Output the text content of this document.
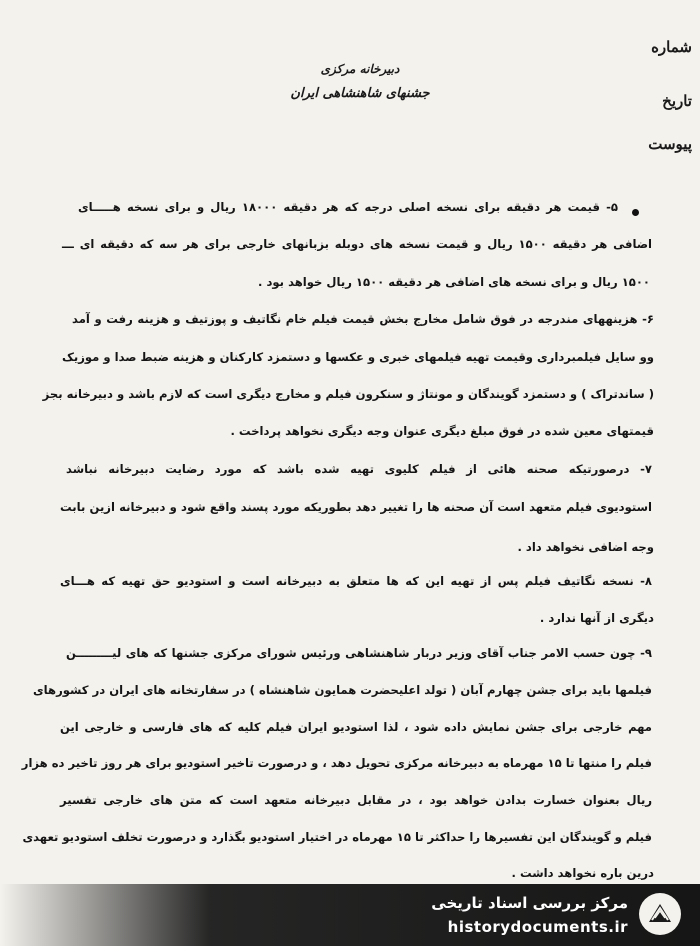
شماره
تاریخ
پیوست
دبیرخانه مرکزی
جشنهای شاهنشاهی ایران
۵- قیمت هر دقیقه برای نسخه اصلی درجه که هر دقیقه ۱۸۰۰۰ ریال و برای نسخه هـــــای
اضافی هر دقیقه ۱۵۰۰ ریال و قیمت نسخه های دوبله بزبانهای خارجی برای هر سه که دقیقه ای ـــ
۱۵۰۰ ریال و برای نسخه های اضافی هر دقیقه ۱۵۰۰ ریال خواهد بود .
۶- هزینههای مندرجه در فوق شامل مخارج بخش قیمت فیلم خام نگاتیف و پوزتیف و هزینه رفت و آمد
وو سایل فیلمبرداری وقیمت تهیه فیلمهای خبری و عکسها و دستمزد کارکنان و هزینه ضبط صدا و موزیک
( ساندتراک ) و دستمزد گویندگان و مونتاژ و سنکرون فیلم و مخارج دیگری است که لازم باشد و دبیرخانه بجز
قیمتهای معین شده در فوق مبلغ دیگری عنوان وجه دیگری نخواهد پرداخت .
۷- درصورتیکه صحنه هائی از فیلم کلیوی تهیه شده باشد که مورد رضایت دبیرخانه نباشد
استودیوی فیلم متعهد است آن صحنه ها را تغییر دهد بطوریکه مورد پسند واقع شود و دبیرخانه ازین بابت
وجه اضافی نخواهد داد .
۸- نسخه نگاتیف فیلم پس از تهیه این که ها متعلق به دبیرخانه است و استودیو حق تهیه که هـــای
دیگری از آنها ندارد .
۹- چون حسب الامر جناب آقای وزیر دربار شاهنشاهی ورئیس شورای مرکزی جشنها که های لیـــــــــن
فیلمها باید برای جشن چهارم آبان ( تولد اعلیحضرت همایون شاهنشاه ) در سفارتخانه های ایران در کشورهای
مهم خارجی برای جشن نمایش داده شود ، لذا استودیو ایران فیلم کلیه که های فارسی و خارجی این
فیلم را منتها تا ۱۵ مهرماه به دبیرخانه مرکزی تحویل دهد ، و درصورت تاخیر استودیو برای هر روز تاخیر ده هزار
ریال بعنوان خسارت بدادن خواهد بود ، در مقابل دبیرخانه متعهد است که متن های خارجی تفسیر
فیلم و گویندگان این تفسیرها را حداکثر تا ۱۵ مهرماه در اختیار استودیو بگذارد و درصورت تخلف استودیو تعهدی
درین باره نخواهد داشت .
مرکز بررسی اسناد تاریخی
historydocuments.ir
